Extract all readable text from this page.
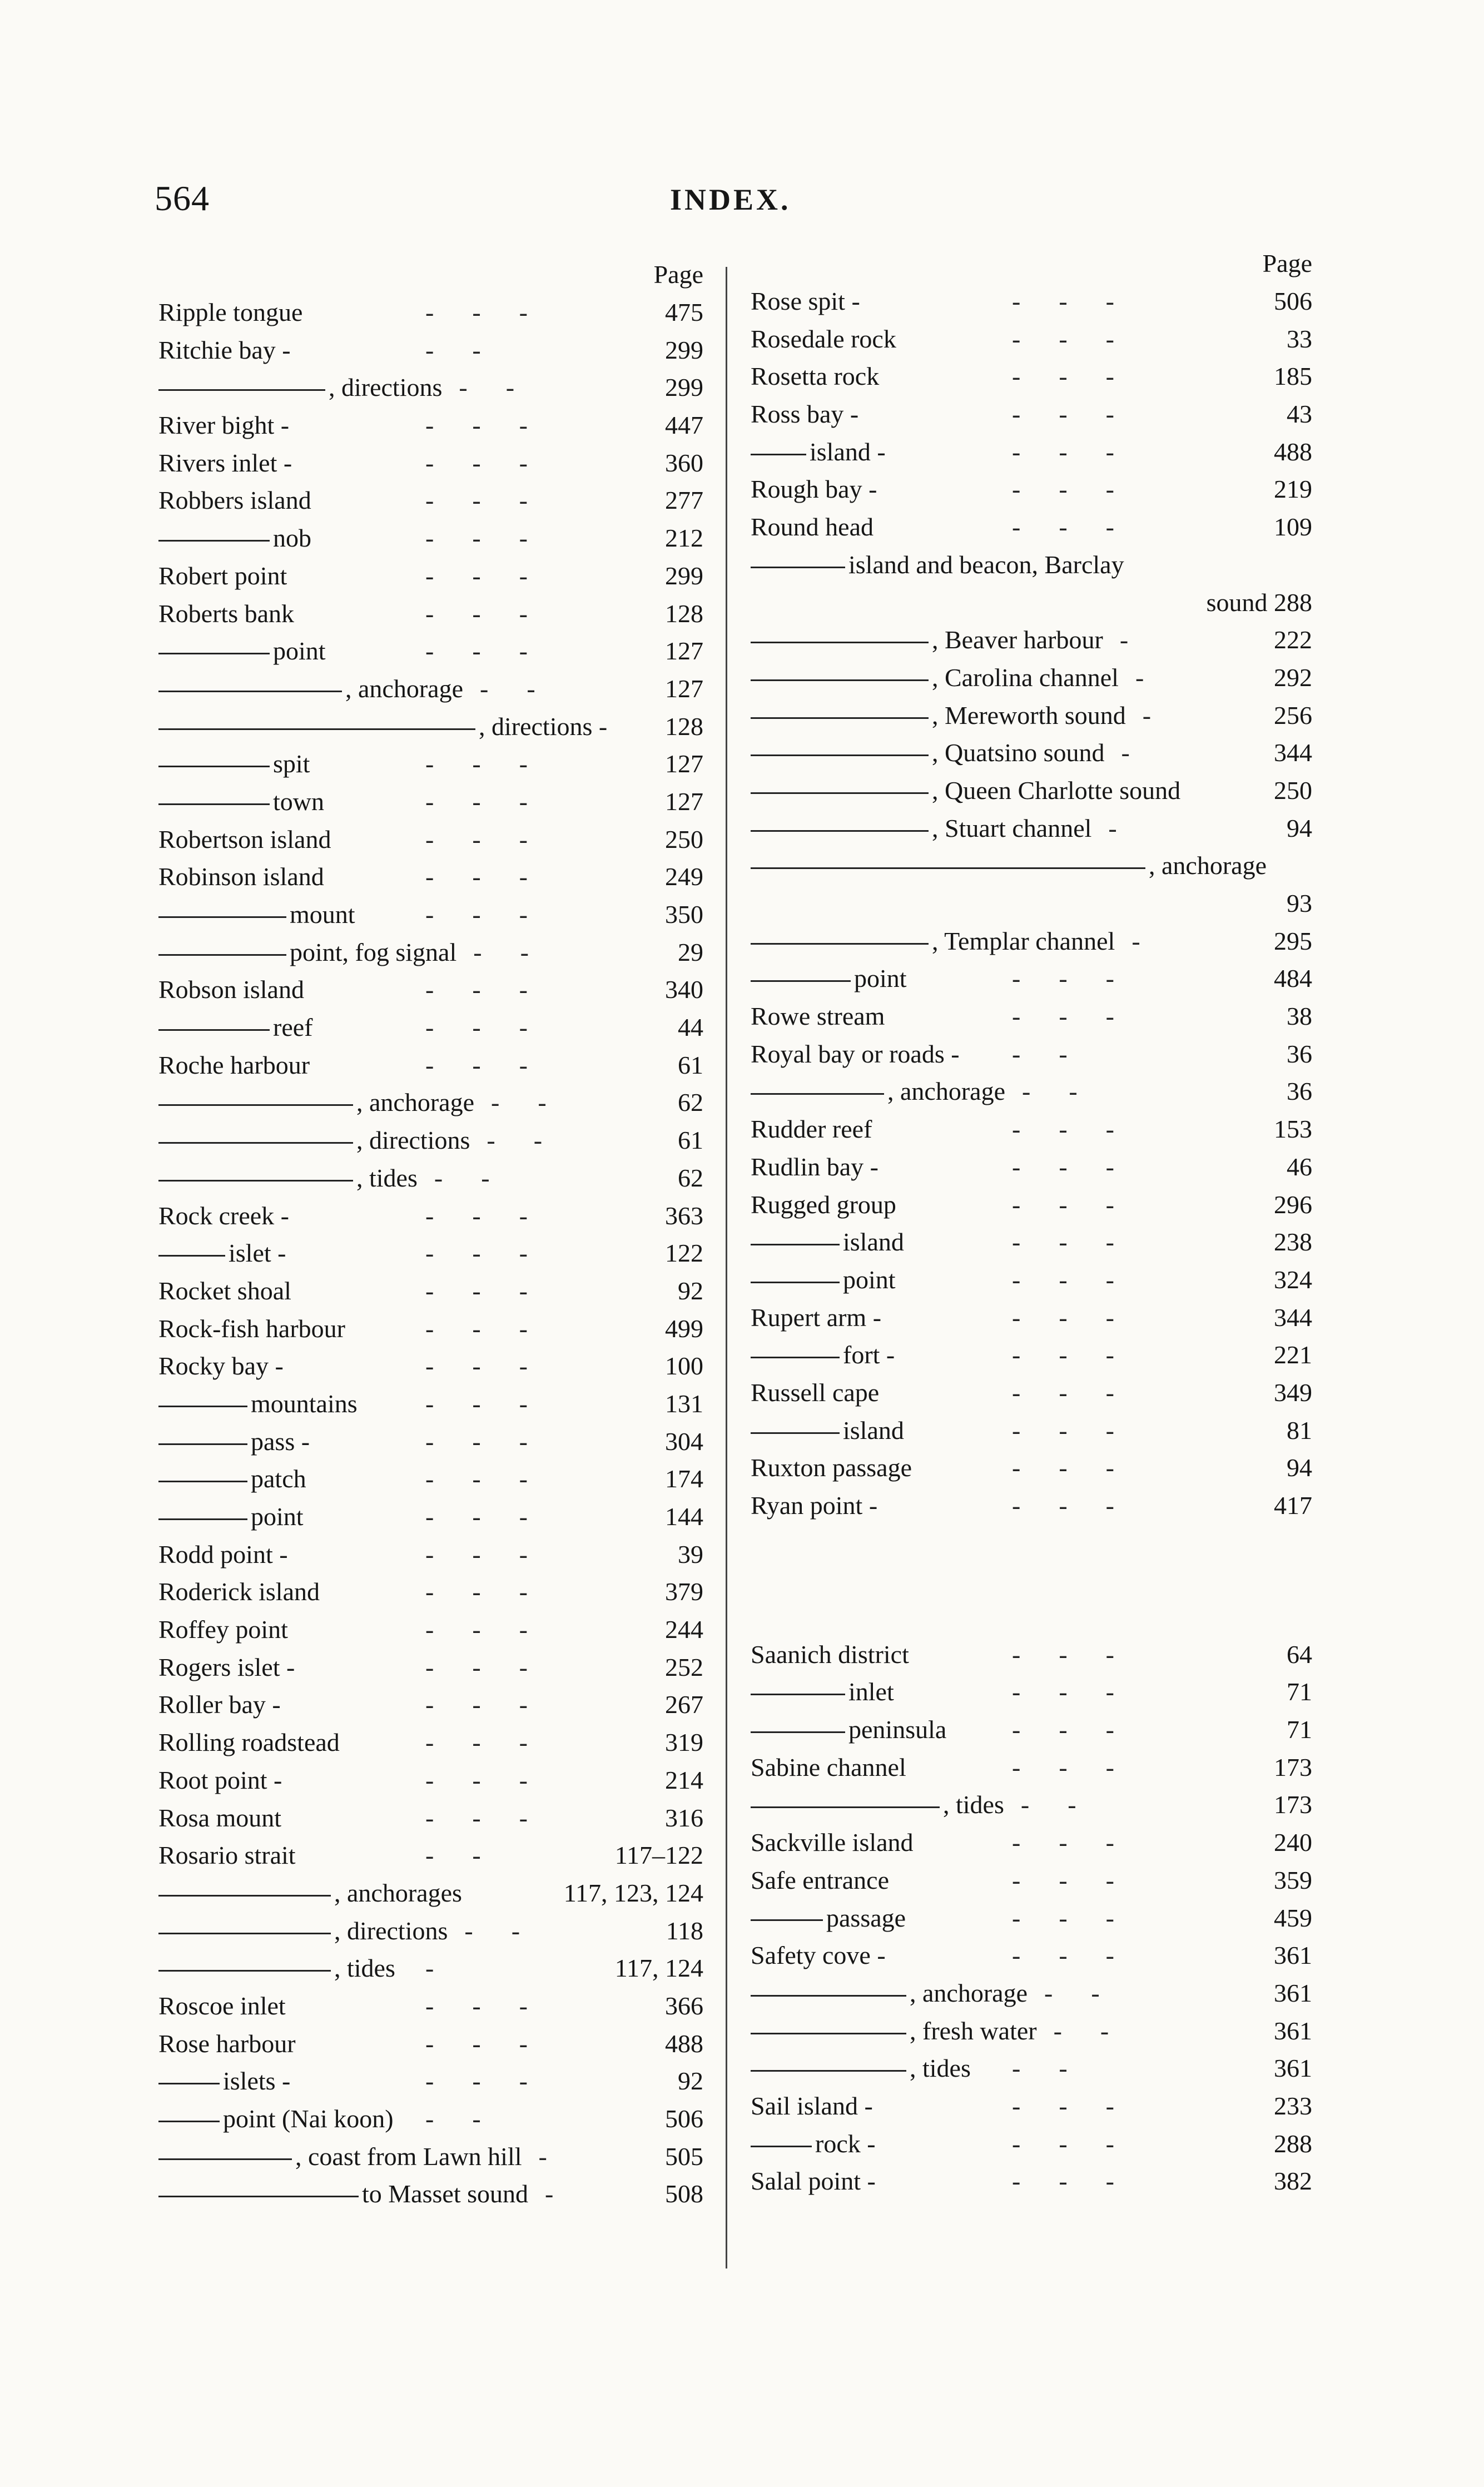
564	INDEX.
Page
Ripple tongue	-      -      -	475
Ritchie bay -	-      -	299
, directions -      -	299
River bight -	-      -      -	447
Rivers inlet -	-      -      -	360
Robbers island	-      -      -	277
nob	-      -      -	212
Robert point	-      -      -	299
Roberts bank	-      -      -	128
point	-      -      -	127
, anchorage -      -	127
, directions - 128
spit	-      -      -	127
town	-      -      -	127
Robertson island	-      -      -	250
Robinson island	-      -      -	249
mount	-      -      -	350
point, fog signal -      -	29
Robson island	-      -      -	340
reef	-      -      -	44
Roche harbour	-      -      -	61
, anchorage -      -	62
, directions -      -	61
, tides -      -	62
Rock creek -	-      -      -	363
islet -	-      -      -	122
Rocket shoal	-      -      -	92
Rock-fish harbour	-      -      -	499
Rocky bay -	-      -      -	100
mountains	-      -      -	131
pass -	-      -      -	304
patch	-      -      -	174
point	-      -      -	144
Rodd point -	-      -      -	39
Roderick island	-      -      -	379
Roffey point	-      -      -	244
Rogers islet -	-      -      -	252
Roller bay -	-      -      -	267
Rolling roadstead	-      -      -	319
Root point -	-      -      -	214
Rosa mount	-      -      -	316
Rosario strait	-      -	117–122
, anchorages	117, 123, 124
, directions -      -	118
, tides -	117, 124
Roscoe inlet	-      -      -	366
Rose harbour	-      -      -	488
islets -	-      -      -	92
point (Nai koon) -      -	506
, coast from Lawn hill -	505
to Masset sound -	508
Page
Rose spit -	-      -      -	506
Rosedale rock	-      -      -	33
Rosetta rock	-      -      -	185
Ross bay -	-      -      -	43
island -	-      -      -	488
Rough bay -	-      -      -	219
Round head	-      -      -	109
island and beacon, Barclay
sound 288
, Beaver harbour -	222
, Carolina channel -	292
, Mereworth sound -	256
, Quatsino sound -	344
, Queen Charlotte sound	250
, Stuart channel -	94
, anchorage
93
, Templar channel -	295
point	-      -      -	484
Rowe stream	-      -      -	38
Royal bay or roads - -      -	36
, anchorage -      -	36
Rudder reef	-      -      -	153
Rudlin bay -	-      -      -	46
Rugged group	-      -      -	296
island	-      -      -	238
point	-      -      -	324
Rupert arm -	-      -      -	344
fort -	-      -      -	221
Russell cape	-      -      -	349
island	-      -      -	81
Ruxton passage	-      -      -	94
Ryan point -	-      -      -	417
Saanich district	-      -      -	64
inlet	-      -      -	71
peninsula	-      -      -	71
Sabine channel	-      -      -	173
, tides -      -	173
Sackville island	-      -      -	240
Safe entrance	-      -      -	359
passage	-      -      -	459
Safety cove -	-      -      -	361
, anchorage -      -	361
, fresh water -      -	361
, tides -      -	361
Sail island -	-      -      -	233
rock -	-      -      -	288
Salal point -	-      -      -	382
